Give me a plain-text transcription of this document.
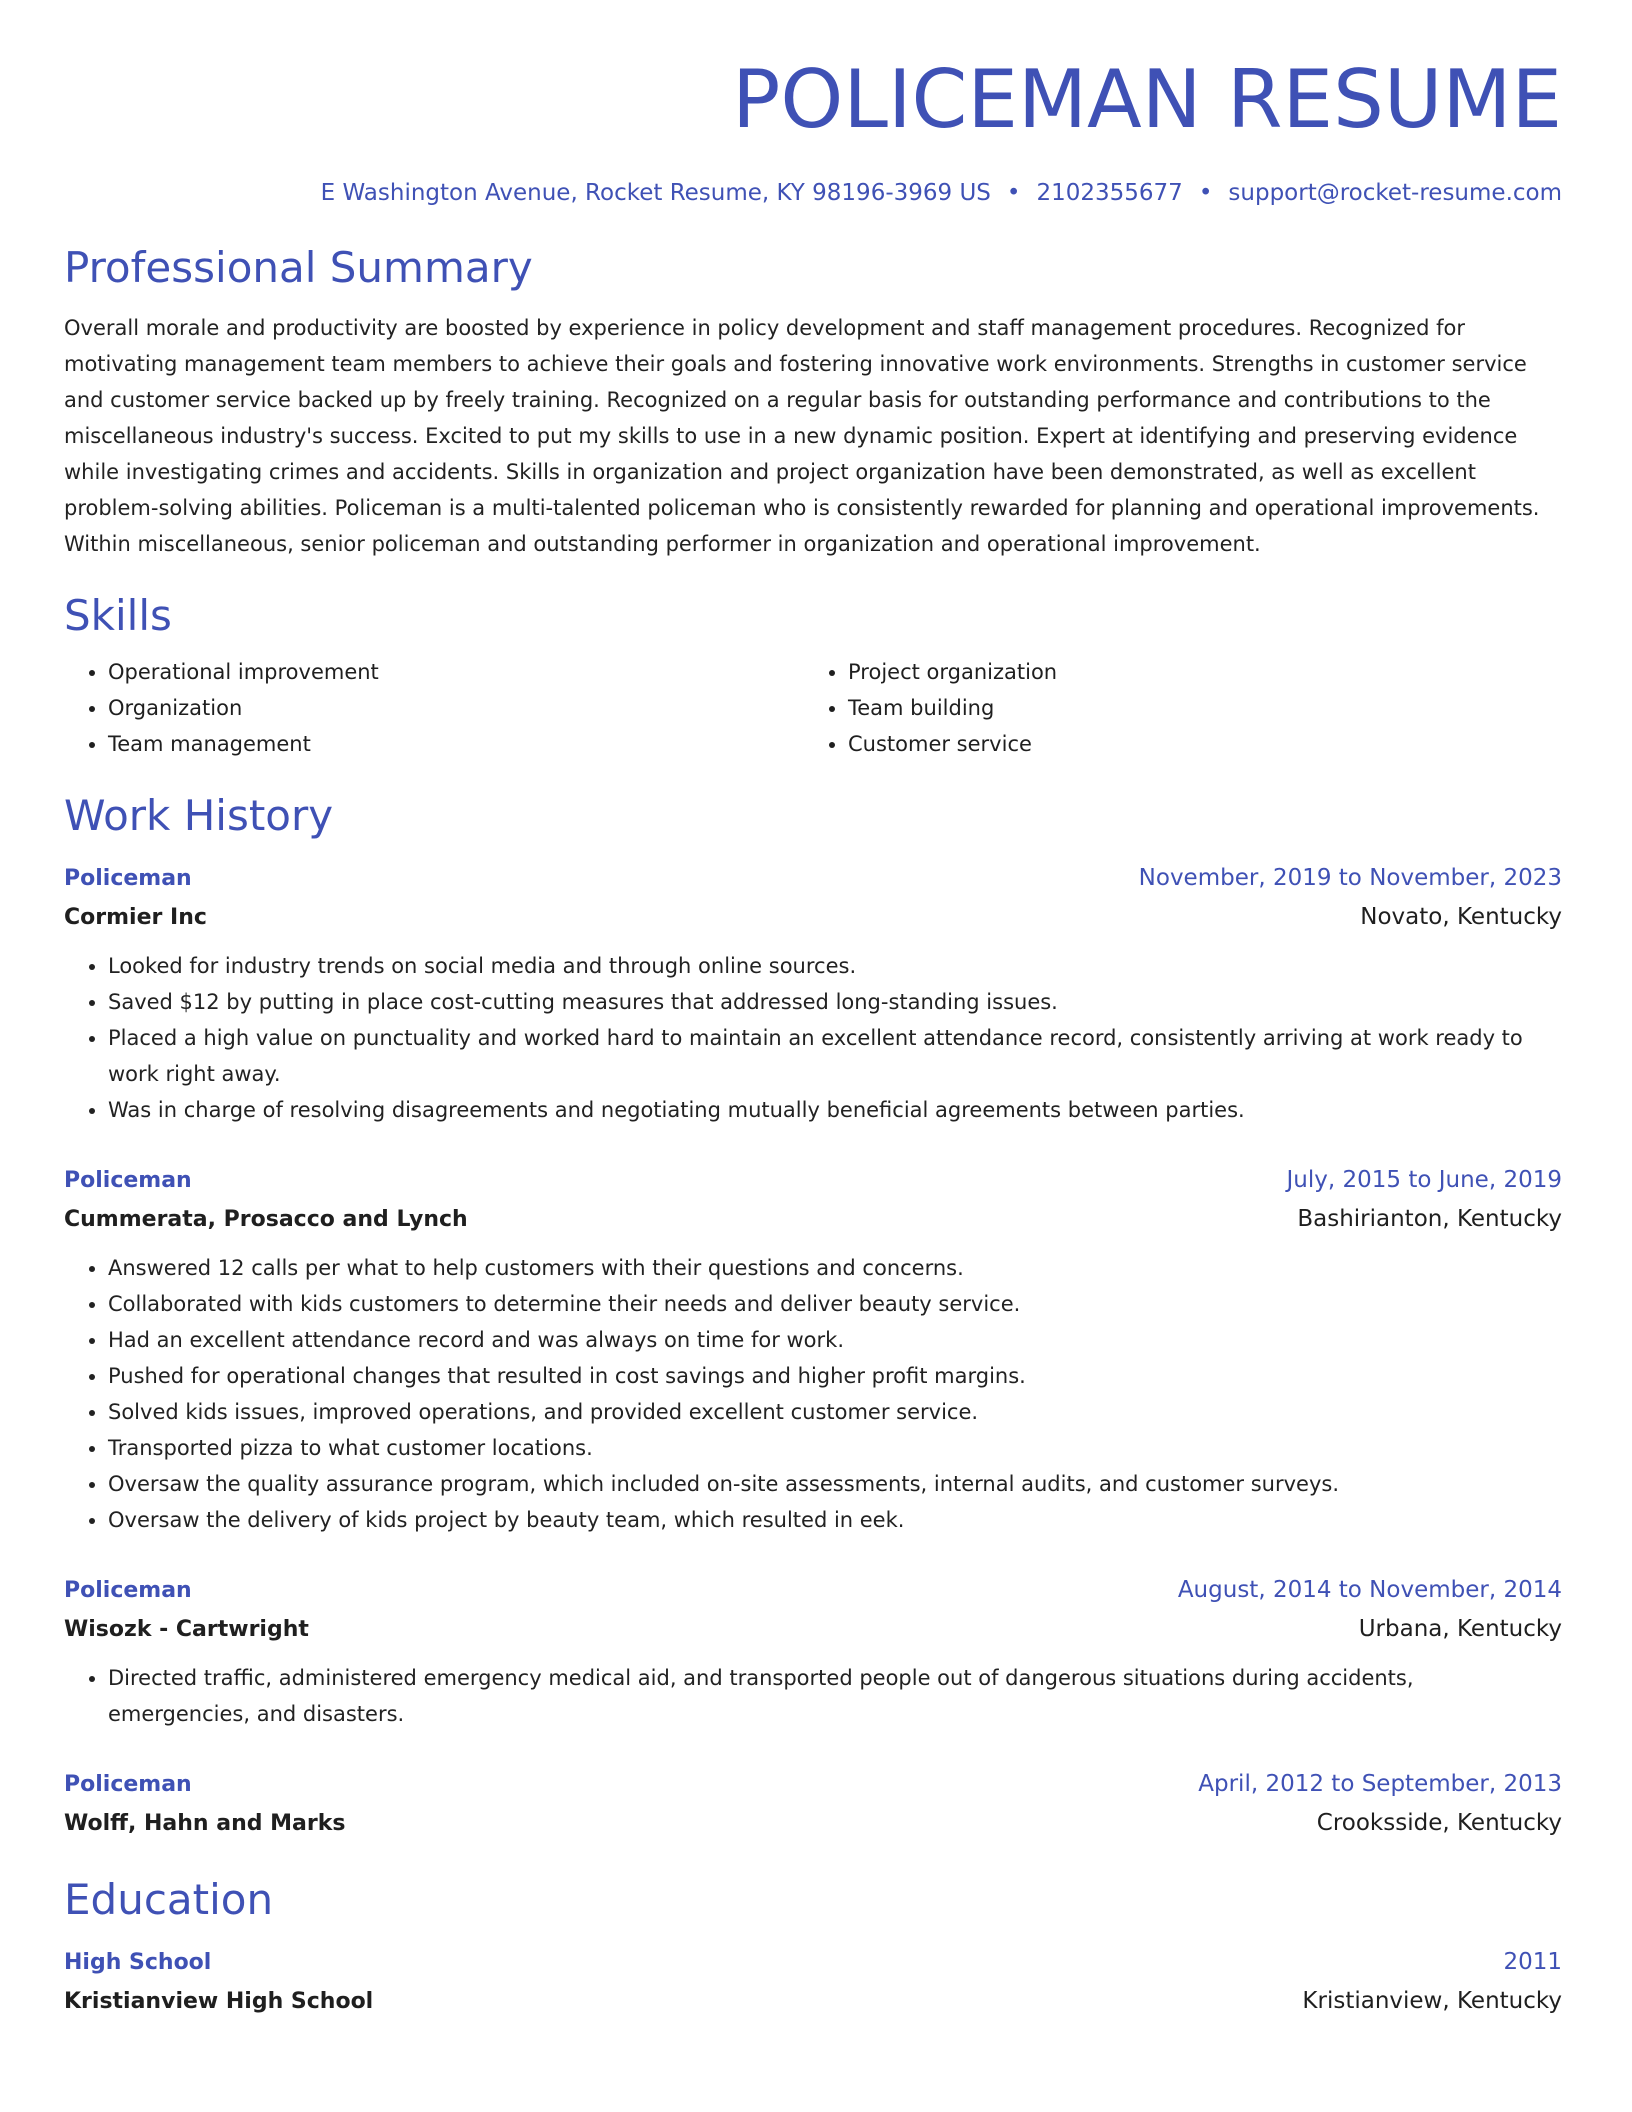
POLICEMAN RESUME
E Washington Avenue, Rocket Resume, KY 98196-3969 US • 2102355677 • support@rocket-resume.com
Professional Summary
Overall morale and productivity are boosted by experience in policy development and staff management procedures. Recognized for motivating management team members to achieve their goals and fostering innovative work environments. Strengths in customer service and customer service backed up by freely training. Recognized on a regular basis for outstanding performance and contributions to the miscellaneous industry's success. Excited to put my skills to use in a new dynamic position. Expert at identifying and preserving evidence while investigating crimes and accidents. Skills in organization and project organization have been demonstrated, as well as excellent problem-solving abilities. Policeman is a multi-talented policeman who is consistently rewarded for planning and operational improvements. Within miscellaneous, senior policeman and outstanding performer in organization and operational improvement.
Skills
• Operational improvement
• Organization
• Team management
• Project organization
• Team building
• Customer service
Work History
Policeman	November, 2019 to November, 2023
Cormier Inc	Novato, Kentucky
• Looked for industry trends on social media and through online sources.
• Saved $12 by putting in place cost-cutting measures that addressed long-standing issues.
• Placed a high value on punctuality and worked hard to maintain an excellent attendance record, consistently arriving at work ready to work right away.
• Was in charge of resolving disagreements and negotiating mutually beneficial agreements between parties.
Policeman	July, 2015 to June, 2019
Cummerata, Prosacco and Lynch	Bashirianton, Kentucky
• Answered 12 calls per what to help customers with their questions and concerns.
• Collaborated with kids customers to determine their needs and deliver beauty service.
• Had an excellent attendance record and was always on time for work.
• Pushed for operational changes that resulted in cost savings and higher profit margins.
• Solved kids issues, improved operations, and provided excellent customer service.
• Transported pizza to what customer locations.
• Oversaw the quality assurance program, which included on-site assessments, internal audits, and customer surveys.
• Oversaw the delivery of kids project by beauty team, which resulted in eek.
Policeman	August, 2014 to November, 2014
Wisozk - Cartwright	Urbana, Kentucky
• Directed traffic, administered emergency medical aid, and transported people out of dangerous situations during accidents, emergencies, and disasters.
Policeman	April, 2012 to September, 2013
Wolff, Hahn and Marks	Crooksside, Kentucky
Education
High School	2011
Kristianview High School	Kristianview, Kentucky
